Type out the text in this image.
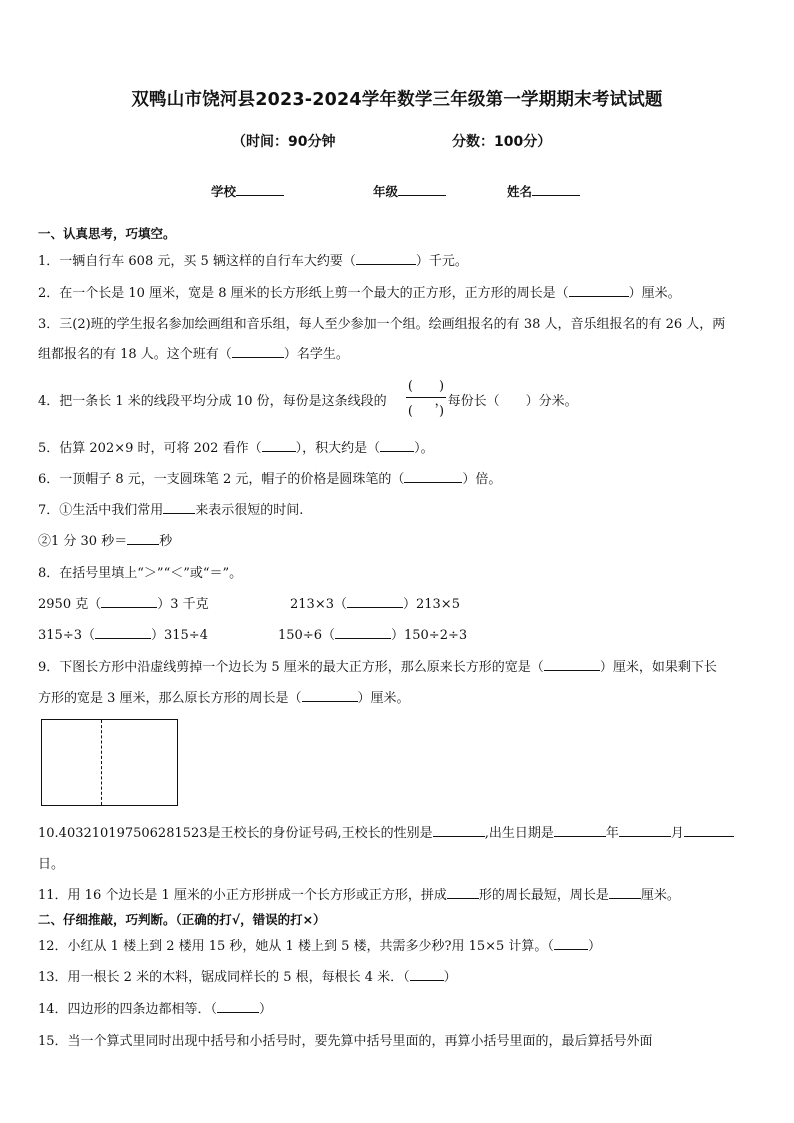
双鸭山市饶河县2023-2024学年数学三年级第一学期期末考试试题
（时间：90分钟	分数：100分）
学校	年级	姓名
一、认真思考，巧填空。
1．一辆自行车 608 元，买 5 辆这样的自行车大约要（	）千元。
2．在一个长是 10 厘米，宽是 8 厘米的长方形纸上剪一个最大的正方形，正方形的周长是（	）厘米。
3．三(2)班的学生报名参加绘画组和音乐组，每人至少参加一个组。绘画组报名的有 38 人，音乐组报名的有 26 人，两
组都报名的有 18 人。这个班有（	）名学生。
4．把一条长 1 米的线段平均分成 10 份，每份是这条线段的	，每份长（　　）分米。
(　　)
(　　)
5．估算 202×9 时，可将 202 看作（	），积大约是（	）。
6．一顶帽子 8 元，一支圆珠笔 2 元，帽子的价格是圆珠笔的（	）倍。
7．①生活中我们常用 来表示很短的时间.
②1 分 30 秒＝ 秒
8．在括号里填上“＞”“＜”或“＝”。
2950 克（	）3 千克	213×3（	）213×5
315÷3（	）315÷4	150÷6（	）150÷2÷3
9．下图长方形中沿虚线剪掉一个边长为 5 厘米的最大正方形，那么原来长方形的宽是（	）厘米，如果剩下长
方形的宽是 3 厘米，那么原长方形的周长是（	）厘米。
10.403210197506281523是王校长的身份证号码,王校长的性别是	,出生日期是	年	月
日。
11．用 16 个边长是 1 厘米的小正方形拼成一个长方形或正方形，拼成 形的周长最短，周长是 厘米。
二、仔细推敲，巧判断。（正确的打√，错误的打×）
12．小红从 1 楼上到 2 楼用 15 秒，她从 1 楼上到 5 楼，共需多少秒?用 15×5 计算。（	）
13．用一根长 2 米的木料，锯成同样长的 5 根，每根长 4 米．（	）
14．四边形的四条边都相等．（	）
15．当一个算式里同时出现中括号和小括号时，要先算中括号里面的，再算小括号里面的，最后算括号外面
